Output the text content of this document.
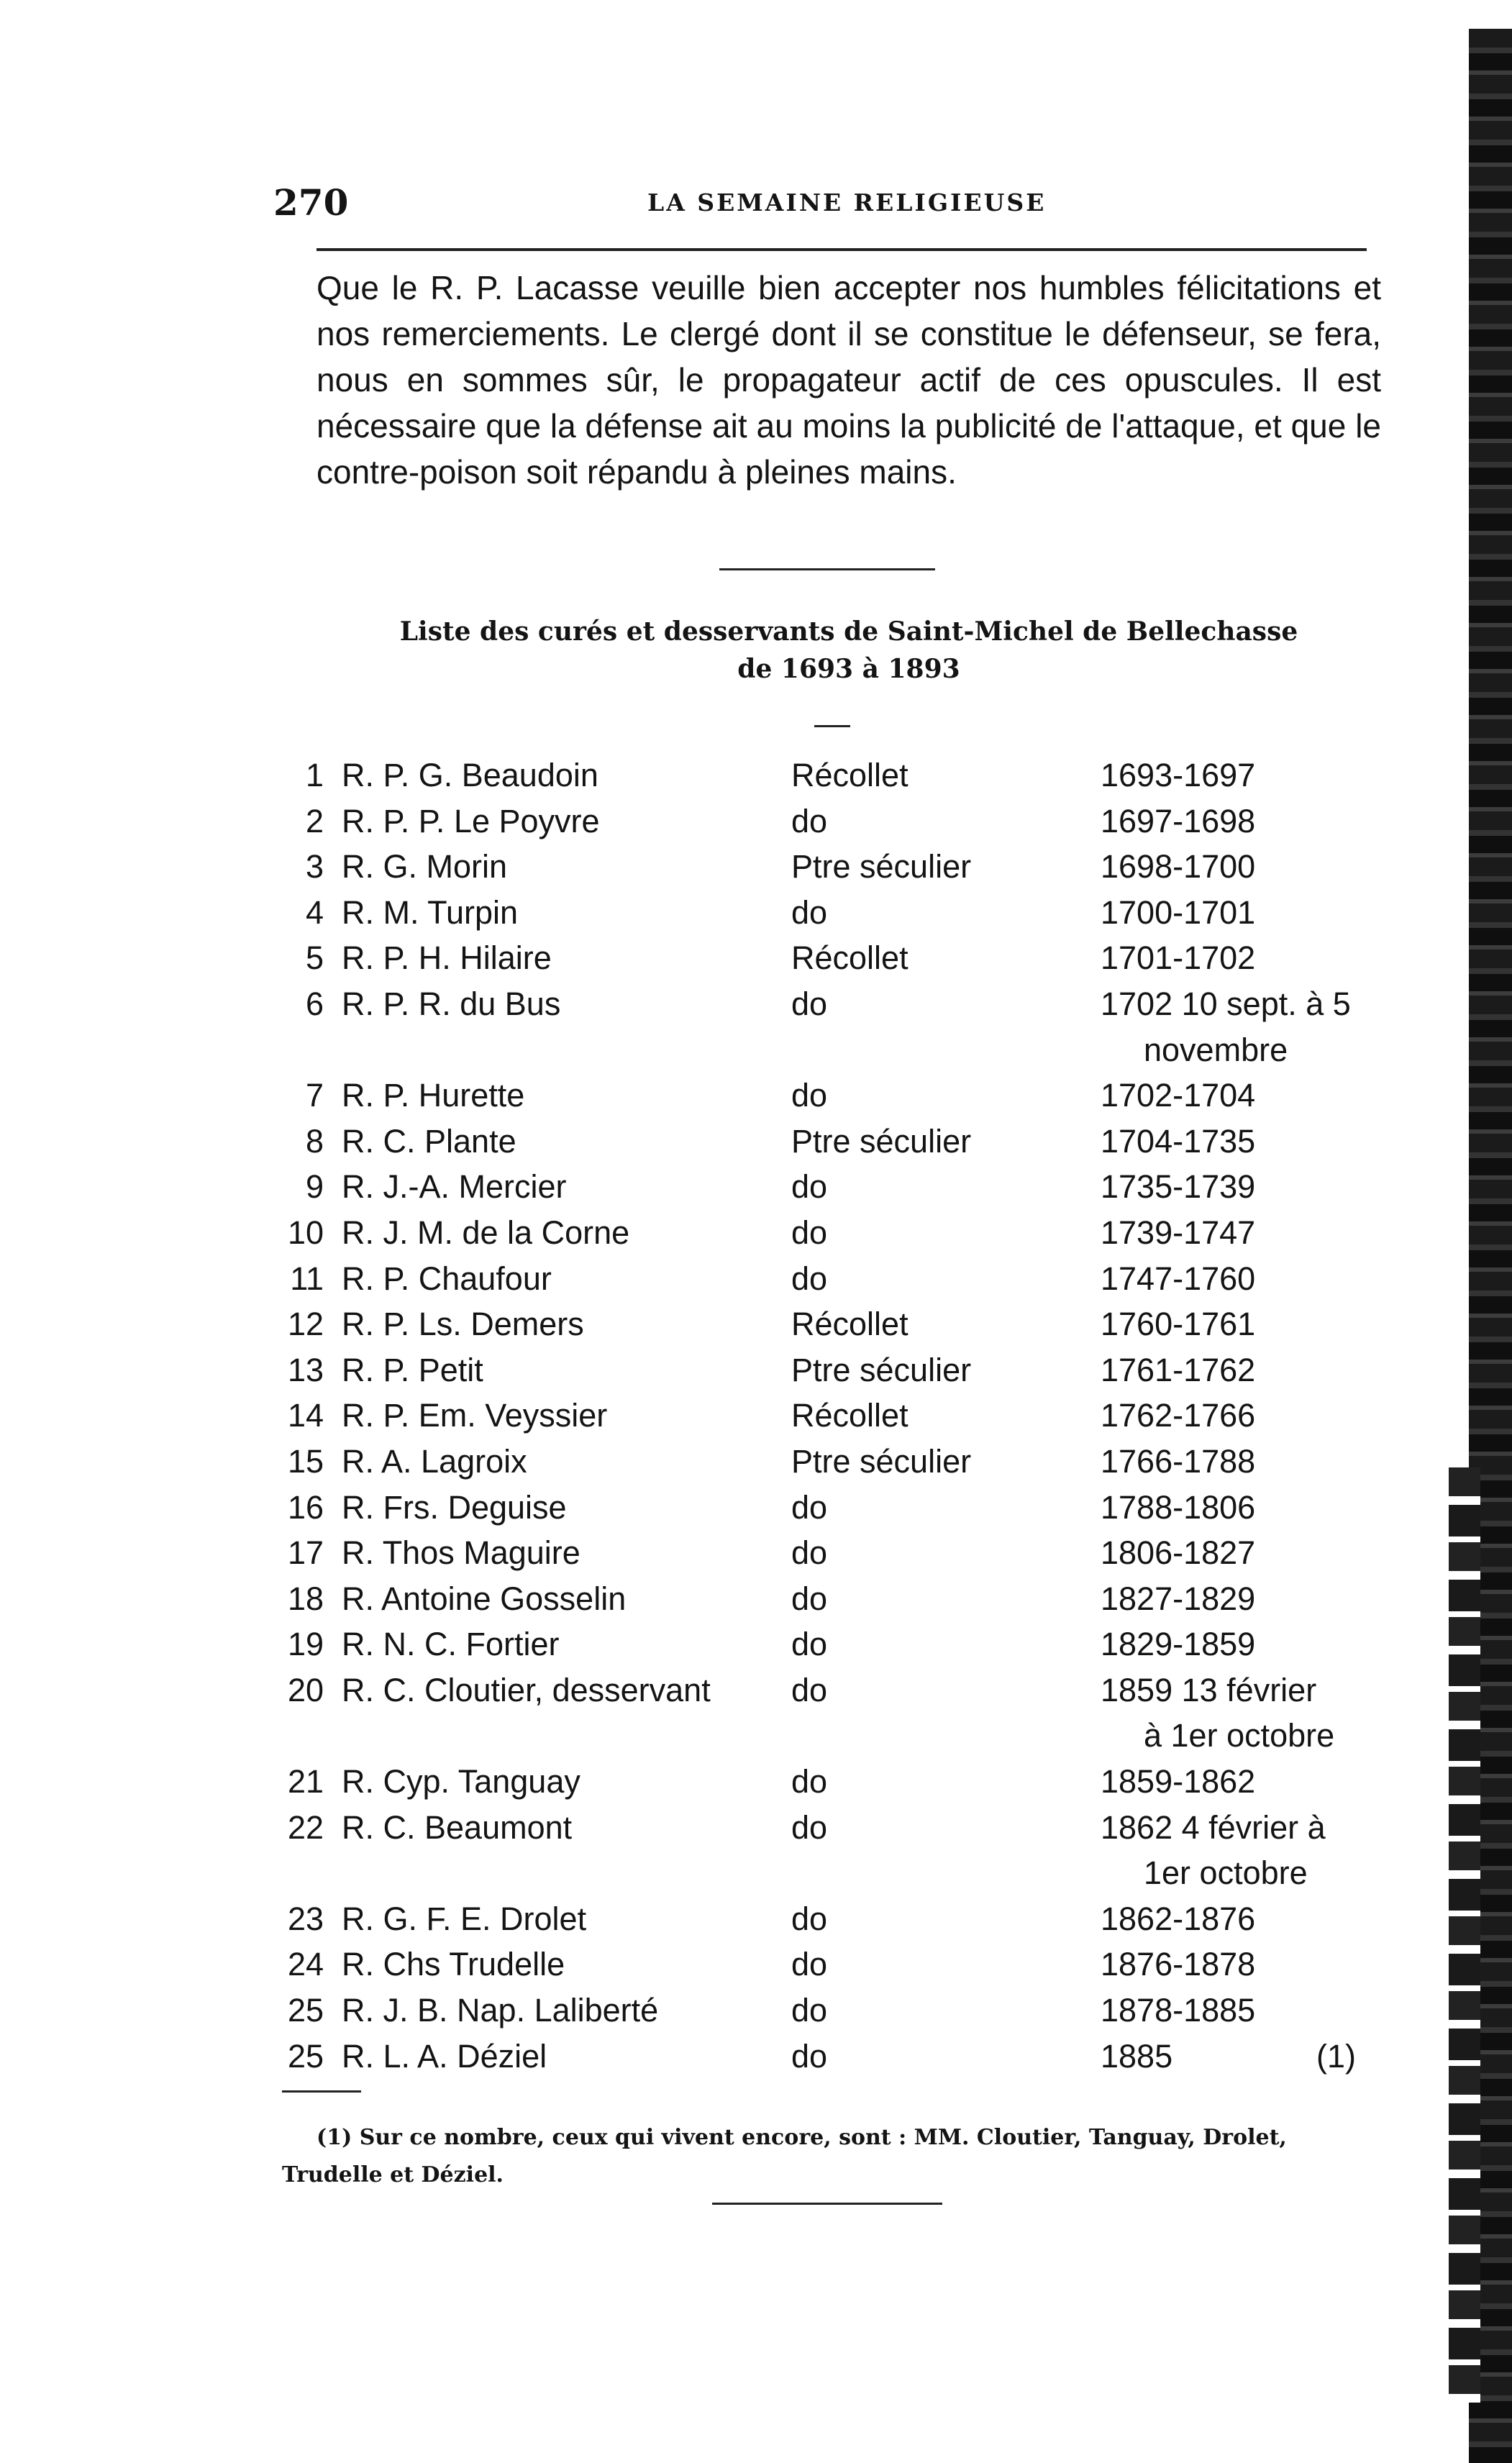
270	LA SEMAINE RELIGIEUSE
Que le R. P. Lacasse veuille bien accepter nos humbles félicitations et nos remerciements. Le clergé dont il se constitue le défenseur, se fera, nous en sommes sûr, le propagateur actif de ces opuscules. Il est nécessaire que la défense ait au moins la publicité de l'attaque, et que le contre-poison soit répandu à pleines mains.
Liste des curés et desservants de Saint-Michel de Bellechasse
de 1693 à 1893
1 R. P. G. Beaudoin	Récollet	1693-1697
2 R. P. P. Le Poyvre	do	1697-1698
3 R. G. Morin	Ptre séculier	1698-1700
4 R. M. Turpin	do	1700-1701
5 R. P. H. Hilaire	Récollet	1701-1702
6 R. P. R. du Bus	do	1702 10 sept. à 5
novembre
7 R. P. Hurette	do	1702-1704
8 R. C. Plante	Ptre séculier	1704-1735
9 R. J.-A. Mercier	do	1735-1739
10 R. J. M. de la Corne	do	1739-1747
11 R. P. Chaufour	do	1747-1760
12 R. P. Ls. Demers	Récollet	1760-1761
13 R. P. Petit	Ptre séculier	1761-1762
14 R. P. Em. Veyssier	Récollet	1762-1766
15 R. A. Lagroix	Ptre séculier	1766-1788
16 R. Frs. Deguise	do	1788-1806
17 R. Thos Maguire	do	1806-1827
18 R. Antoine Gosselin	do	1827-1829
19 R. N. C. Fortier	do	1829-1859
20 R. C. Cloutier, desservant	do	1859 13 février
à 1er octobre
21 R. Cyp. Tanguay	do	1859-1862
22 R. C. Beaumont	do	1862 4 février à
1er octobre
23 R. G. F. E. Drolet	do	1862-1876
24 R. Chs Trudelle	do	1876-1878
25 R. J. B. Nap. Laliberté	do	1878-1885
25 R. L. A. Déziel	do	1885	(1)
(1) Sur ce nombre, ceux qui vivent encore, sont : MM. Cloutier, Tanguay, Drolet,
Trudelle et Déziel.
